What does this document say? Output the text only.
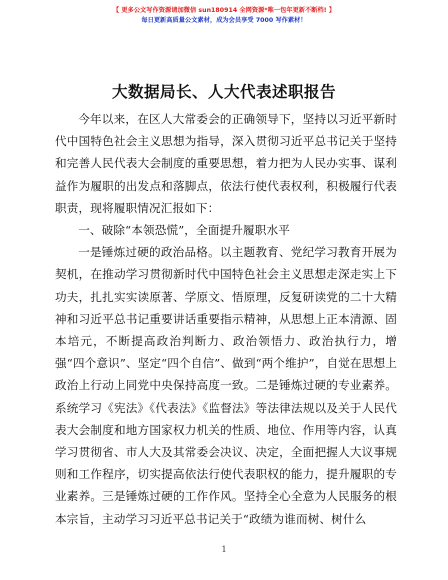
【 更多公文写作资源请加微信 sun180914 全网资源*唯一包年更新不断档! 】
每日更新高质量公文素材，成为会员享受 7000 写作素材！
大数据局长、人大代表述职报告

今年以来，在区人大常委会的正确领导下，坚持以习近平新时代中国特色社会主义思想为指导，深入贯彻习近平总书记关于坚持和完善人民代表大会制度的重要思想，着力把为人民办实事、谋利益作为履职的出发点和落脚点，依法行使代表权利，积极履行代表职责，现将履职情况汇报如下：

一、破除“本领恐慌”，全面提升履职水平

一是锤炼过硬的政治品格。以主题教育、党纪学习教育开展为契机，在推动学习贯彻新时代中国特色社会主义思想走深走实上下功夫，扎扎实实读原著、学原文、悟原理，反复研读党的二十大精神和习近平总书记重要讲话重要指示精神，从思想上正本清源、固本培元，不断提高政治判断力、政治领悟力、政治执行力，增强“四个意识”、坚定“四个自信”、做到“两个维护”，自觉在思想上政治上行动上同党中央保持高度一致。二是锤炼过硬的专业素养。系统学习《宪法》《代表法》《监督法》等法律法规以及关于人民代表大会制度和地方国家权力机关的性质、地位、作用等内容，认真学习贯彻省、市人大及其常委会决议、决定，全面把握人大议事规则和工作程序，切实提高依法行使代表职权的能力，提升履职的专业素养。三是锤炼过硬的工作作风。坚持全心全意为人民服务的根本宗旨，主动学习习近平总书记关于“政绩为谁而树、树什么

1
